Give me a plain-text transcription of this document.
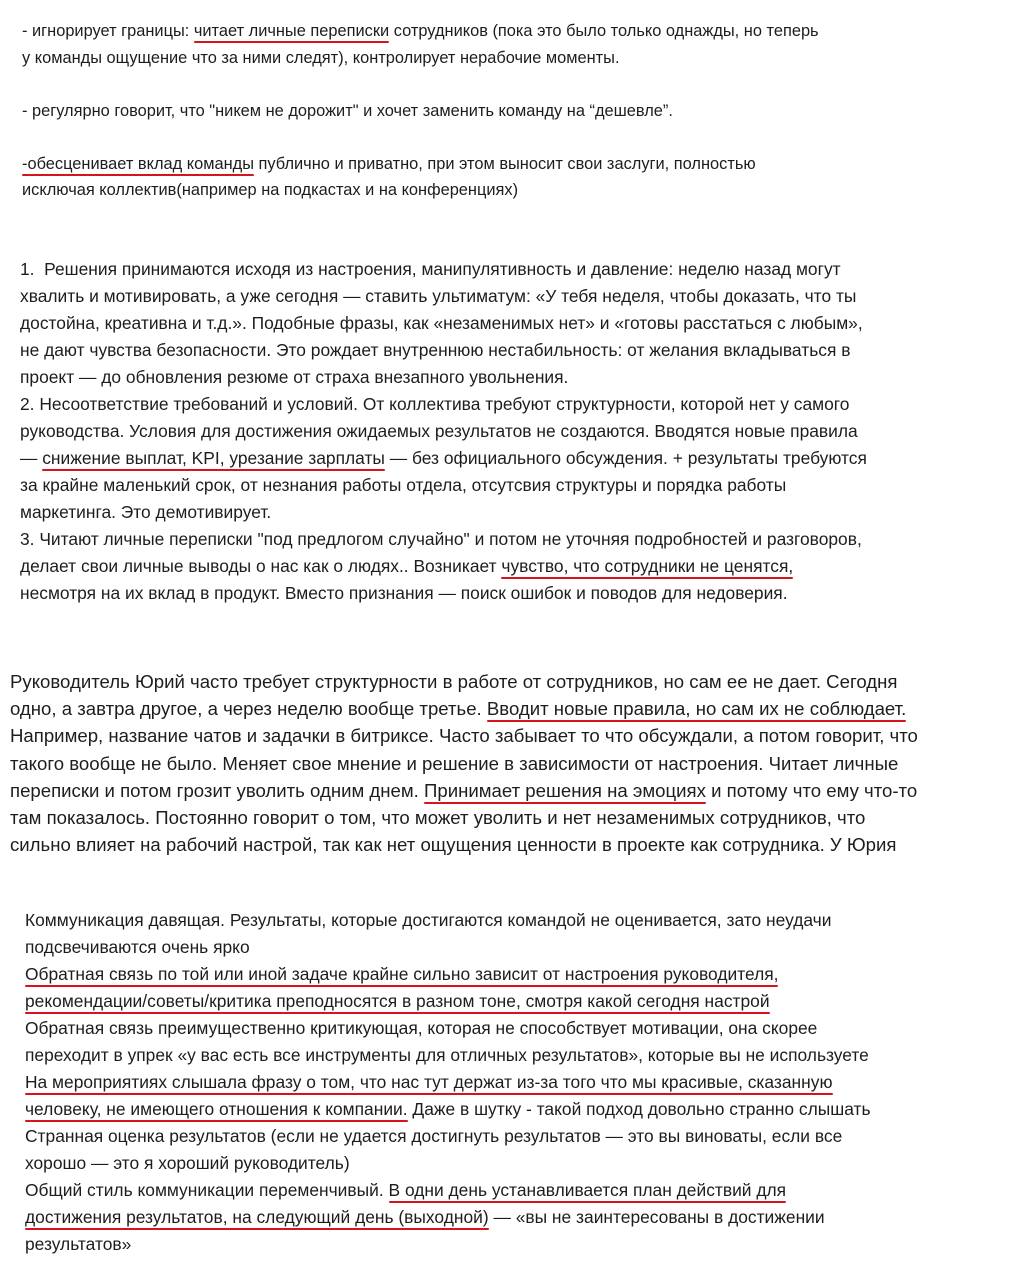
- игнорирует границы: читает личные переписки сотрудников (пока это было только однажды, но теперь
у команды ощущение что за ними следят), контролирует нерабочие моменты.

- регулярно говорит, что "никем не дорожит" и хочет заменить команду на “дешевле”.

-обесценивает вклад команды публично и приватно, при этом выносит свои заслуги, полностью
исключая коллектив(например на подкастах и на конференциях)
1.  Решения принимаются исходя из настроения, манипулятивность и давление: неделю назад могут
хвалить и мотивировать, а уже сегодня — ставить ультиматум: «У тебя неделя, чтобы доказать, что ты
достойна, креативна и т.д.». Подобные фразы, как «незаменимых нет» и «готовы расстаться с любым»,
не дают чувства безопасности. Это рождает внутреннюю нестабильность: от желания вкладываться в
проект — до обновления резюме от страха внезапного увольнения.
2. Несоответствие требований и условий. От коллектива требуют структурности, которой нет у самого
руководства. Условия для достижения ожидаемых результатов не создаются. Вводятся новые правила
— снижение выплат, KPI, урезание зарплаты — без официального обсуждения. + результаты требуются
за крайне маленький срок, от незнания работы отдела, отсутсвия структуры и порядка работы
маркетинга. Это демотивирует.
3. Читают личные переписки "под предлогом случайно" и потом не уточняя подробностей и разговоров,
делает свои личные выводы о нас как о людях.. Возникает чувство, что сотрудники не ценятся,
несмотря на их вклад в продукт. Вместо признания — поиск ошибок и поводов для недоверия.
Руководитель Юрий часто требует структурности в работе от сотрудников, но сам ее не дает. Сегодня
одно, а завтра другое, а через неделю вообще третье. Вводит новые правила, но сам их не соблюдает.
Например, название чатов и задачки в битриксе. Часто забывает то что обсуждали, а потом говорит, что
такого вообще не было. Меняет свое мнение и решение в зависимости от настроения. Читает личные
переписки и потом грозит уволить одним днем. Принимает решения на эмоциях и потому что ему что-то
там показалось. Постоянно говорит о том, что может уволить и нет незаменимых сотрудников, что
сильно влияет на рабочий настрой, так как нет ощущения ценности в проекте как сотрудника. У Юрия
Коммуникация давящая. Результаты, которые достигаются командой не оценивается, зато неудачи
подсвечиваются очень ярко
Обратная связь по той или иной задаче крайне сильно зависит от настроения руководителя,
рекомендации/советы/критика преподносятся в разном тоне, смотря какой сегодня настрой
Обратная связь преимущественно критикующая, которая не способствует мотивации, она скорее
переходит в упрек «у вас есть все инструменты для отличных результатов», которые вы не используете
На мероприятиях слышала фразу о том, что нас тут держат из-за того что мы красивые, сказанную
человеку, не имеющего отношения к компании. Даже в шутку - такой подход довольно странно слышать
Странная оценка результатов (если не удается достигнуть результатов — это вы виноваты, если все
хорошо — это я хороший руководитель)
Общий стиль коммуникации переменчивый. В одни день устанавливается план действий для
достижения результатов, на следующий день (выходной) — «вы не заинтересованы в достижении
результатов»
